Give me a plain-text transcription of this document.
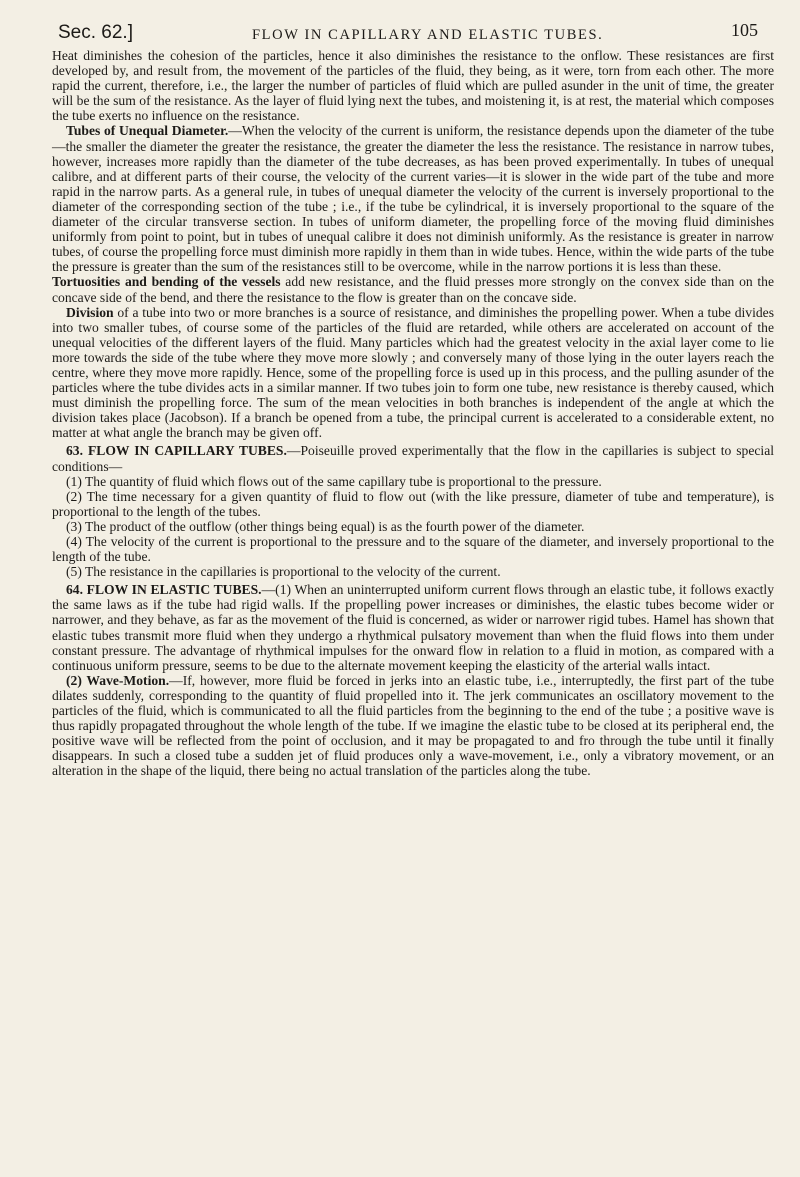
Sec. 62.]	FLOW IN CAPILLARY AND ELASTIC TUBES.	105

Heat diminishes the cohesion of the particles, hence it also diminishes the resistance to the onflow. These resistances are first developed by, and result from, the movement of the particles of the fluid, they being, as it were, torn from each other. The more rapid the current, therefore, i.e., the larger the number of particles of fluid which are pulled asunder in the unit of time, the greater will be the sum of the resistance. As the layer of fluid lying next the tubes, and moistening it, is at rest, the material which composes the tube exerts no influence on the resistance.

Tubes of Unequal Diameter.—When the velocity of the current is uniform, the resistance depends upon the diameter of the tube—the smaller the diameter the greater the resistance, the greater the diameter the less the resistance. The resistance in narrow tubes, however, increases more rapidly than the diameter of the tube decreases, as has been proved experimentally. In tubes of unequal calibre, and at different parts of their course, the velocity of the current varies—it is slower in the wide part of the tube and more rapid in the narrow parts. As a general rule, in tubes of unequal diameter the velocity of the current is inversely proportional to the diameter of the corresponding section of the tube ; i.e., if the tube be cylindrical, it is inversely proportional to the square of the diameter of the circular transverse section. In tubes of uniform diameter, the propelling force of the moving fluid diminishes uniformly from point to point, but in tubes of unequal calibre it does not diminish uniformly. As the resistance is greater in narrow tubes, of course the propelling force must diminish more rapidly in them than in wide tubes. Hence, within the wide parts of the tube the pressure is greater than the sum of the resistances still to be overcome, while in the narrow portions it is less than these.

Tortuosities and bending of the vessels add new resistance, and the fluid presses more strongly on the convex side than on the concave side of the bend, and there the resistance to the flow is greater than on the concave side.

Division of a tube into two or more branches is a source of resistance, and diminishes the propelling power. When a tube divides into two smaller tubes, of course some of the particles of the fluid are retarded, while others are accelerated on account of the unequal velocities of the different layers of the fluid. Many particles which had the greatest velocity in the axial layer come to lie more towards the side of the tube where they move more slowly ; and conversely many of those lying in the outer layers reach the centre, where they move more rapidly. Hence, some of the propelling force is used up in this process, and the pulling asunder of the particles where the tube divides acts in a similar manner. If two tubes join to form one tube, new resistance is thereby caused, which must diminish the propelling force. The sum of the mean velocities in both branches is independent of the angle at which the division takes place (Jacobson). If a branch be opened from a tube, the principal current is accelerated to a considerable extent, no matter at what angle the branch may be given off.

63. FLOW IN CAPILLARY TUBES.—Poiseuille proved experimentally that the flow in the capillaries is subject to special conditions—

(1) The quantity of fluid which flows out of the same capillary tube is proportional to the pressure.

(2) The time necessary for a given quantity of fluid to flow out (with the like pressure, diameter of tube and temperature), is proportional to the length of the tubes.

(3) The product of the outflow (other things being equal) is as the fourth power of the diameter.

(4) The velocity of the current is proportional to the pressure and to the square of the diameter, and inversely proportional to the length of the tube.

(5) The resistance in the capillaries is proportional to the velocity of the current.

64. FLOW IN ELASTIC TUBES.—(1) When an uninterrupted uniform current flows through an elastic tube, it follows exactly the same laws as if the tube had rigid walls. If the propelling power increases or diminishes, the elastic tubes become wider or narrower, and they behave, as far as the movement of the fluid is concerned, as wider or narrower rigid tubes. Hamel has shown that elastic tubes transmit more fluid when they undergo a rhythmical pulsatory movement than when the fluid flows into them under constant pressure. The advantage of rhythmical impulses for the onward flow in relation to a fluid in motion, as compared with a continuous uniform pressure, seems to be due to the alternate movement keeping the elasticity of the arterial walls intact.

(2) Wave-Motion.—If, however, more fluid be forced in jerks into an elastic tube, i.e., interruptedly, the first part of the tube dilates suddenly, corresponding to the quantity of fluid propelled into it. The jerk communicates an oscillatory movement to the particles of the fluid, which is communicated to all the fluid particles from the beginning to the end of the tube ; a positive wave is thus rapidly propagated throughout the whole length of the tube. If we imagine the elastic tube to be closed at its peripheral end, the positive wave will be reflected from the point of occlusion, and it may be propagated to and fro through the tube until it finally disappears. In such a closed tube a sudden jet of fluid produces only a wave-movement, i.e., only a vibratory movement, or an alteration in the shape of the liquid, there being no actual translation of the particles along the tube.
